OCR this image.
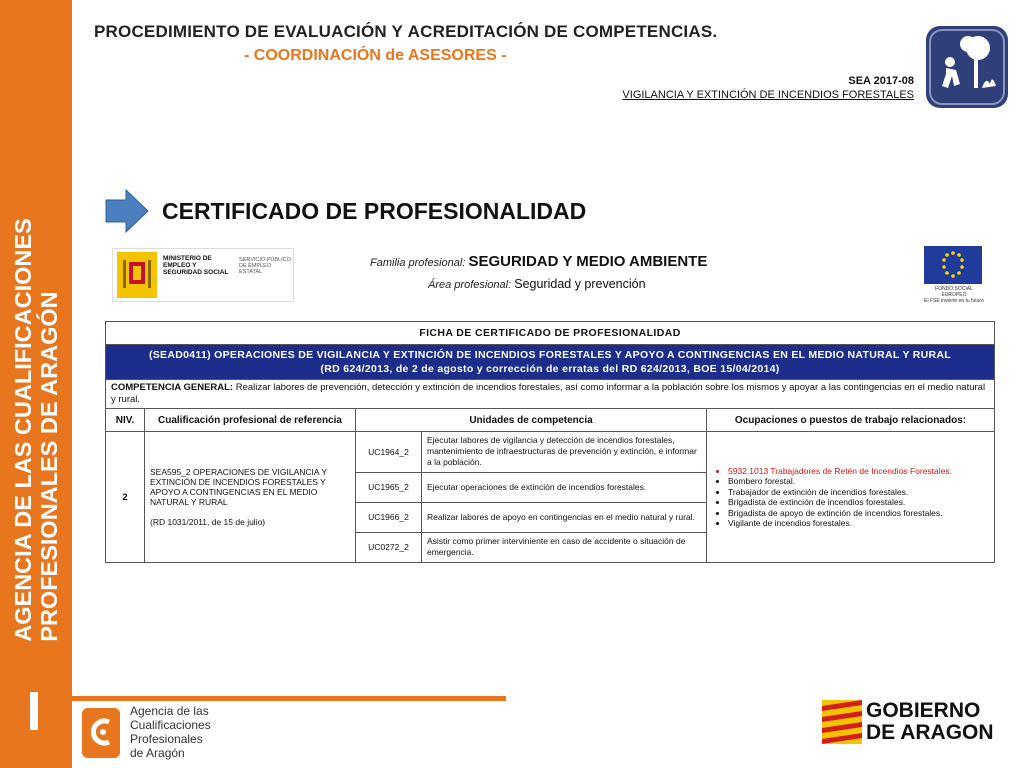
AGENCIA DE LAS CUALIFICACIONES PROFESIONALES DE ARAGÓN
PROCEDIMIENTO DE EVALUACIÓN Y ACREDITACIÓN DE COMPETENCIAS.
- COORDINACIÓN de ASESORES -
SEA 2017-08
VIGILANCIA Y EXTINCIÓN DE INCENDIOS FORESTALES
CERTIFICADO DE PROFESIONALIDAD
MINISTERIO DE EMPLEO Y SEGURIDAD SOCIAL
SERVICIO PÚBLICO DE EMPLEO ESTATAL
Familia profesional: SEGURIDAD Y MEDIO AMBIENTE
Área profesional: Seguridad y prevención	FONDO SOCIAL EUROPEO
El FSE invierte en tu futuro
FICHA DE CERTIFICADO DE PROFESIONALIDAD

(SEAD0411) OPERACIONES DE VIGILANCIA Y EXTINCIÓN DE INCENDIOS FORESTALES Y APOYO A CONTINGENCIAS EN EL MEDIO NATURAL Y RURAL
(RD 624/2013, de 2 de agosto y corrección de erratas del RD 624/2013, BOE 15/04/2014)

COMPETENCIA GENERAL: Realizar labores de prevención, detección y extinción de incendios forestales, así como informar a la población sobre los mismos y apoyar a las contingencias en el medio natural y rural.
NIV.	Cualificación profesional de referencia	Unidades de competencia	Ocupaciones o puestos de trabajo relacionados:
2	
SEA595_2 OPERACIONES DE VIGILANCIA Y EXTINCIÓN DE INCENDIOS FORESTALES Y APOYO A CONTINGENCIAS EN EL MEDIO NATURAL Y RURAL
(RD 1031/2011, de 15 de julio)

UC1964_2	Ejecutar labores de vigilancia y detección de incendios forestales, mantenimiento de infraestructuras de prevención y extinción, e informar a la población.
UC1965_2	Ejecutar operaciones de extinción de incendios forestales.
UC1966_2	Realizar labores de apoyo en contingencias en el medio natural y rural.
UC0272_2	Asistir como primer interviniente en caso de accidente o situación de emergencia.

• 5932.1013 Trabajadores de Retén de Incendios Forestales.
• Bombero forestal.
• Trabajador de extinción de incendios forestales.
• Brigadista de extinción de incendios forestales.
• Brigadista de apoyo de extinción de incendios forestales.
• Vigilante de incendios forestales.
Agencia de las
Cualificaciones
Profesionales
de Aragón
GOBIERNO
DE ARAGON
